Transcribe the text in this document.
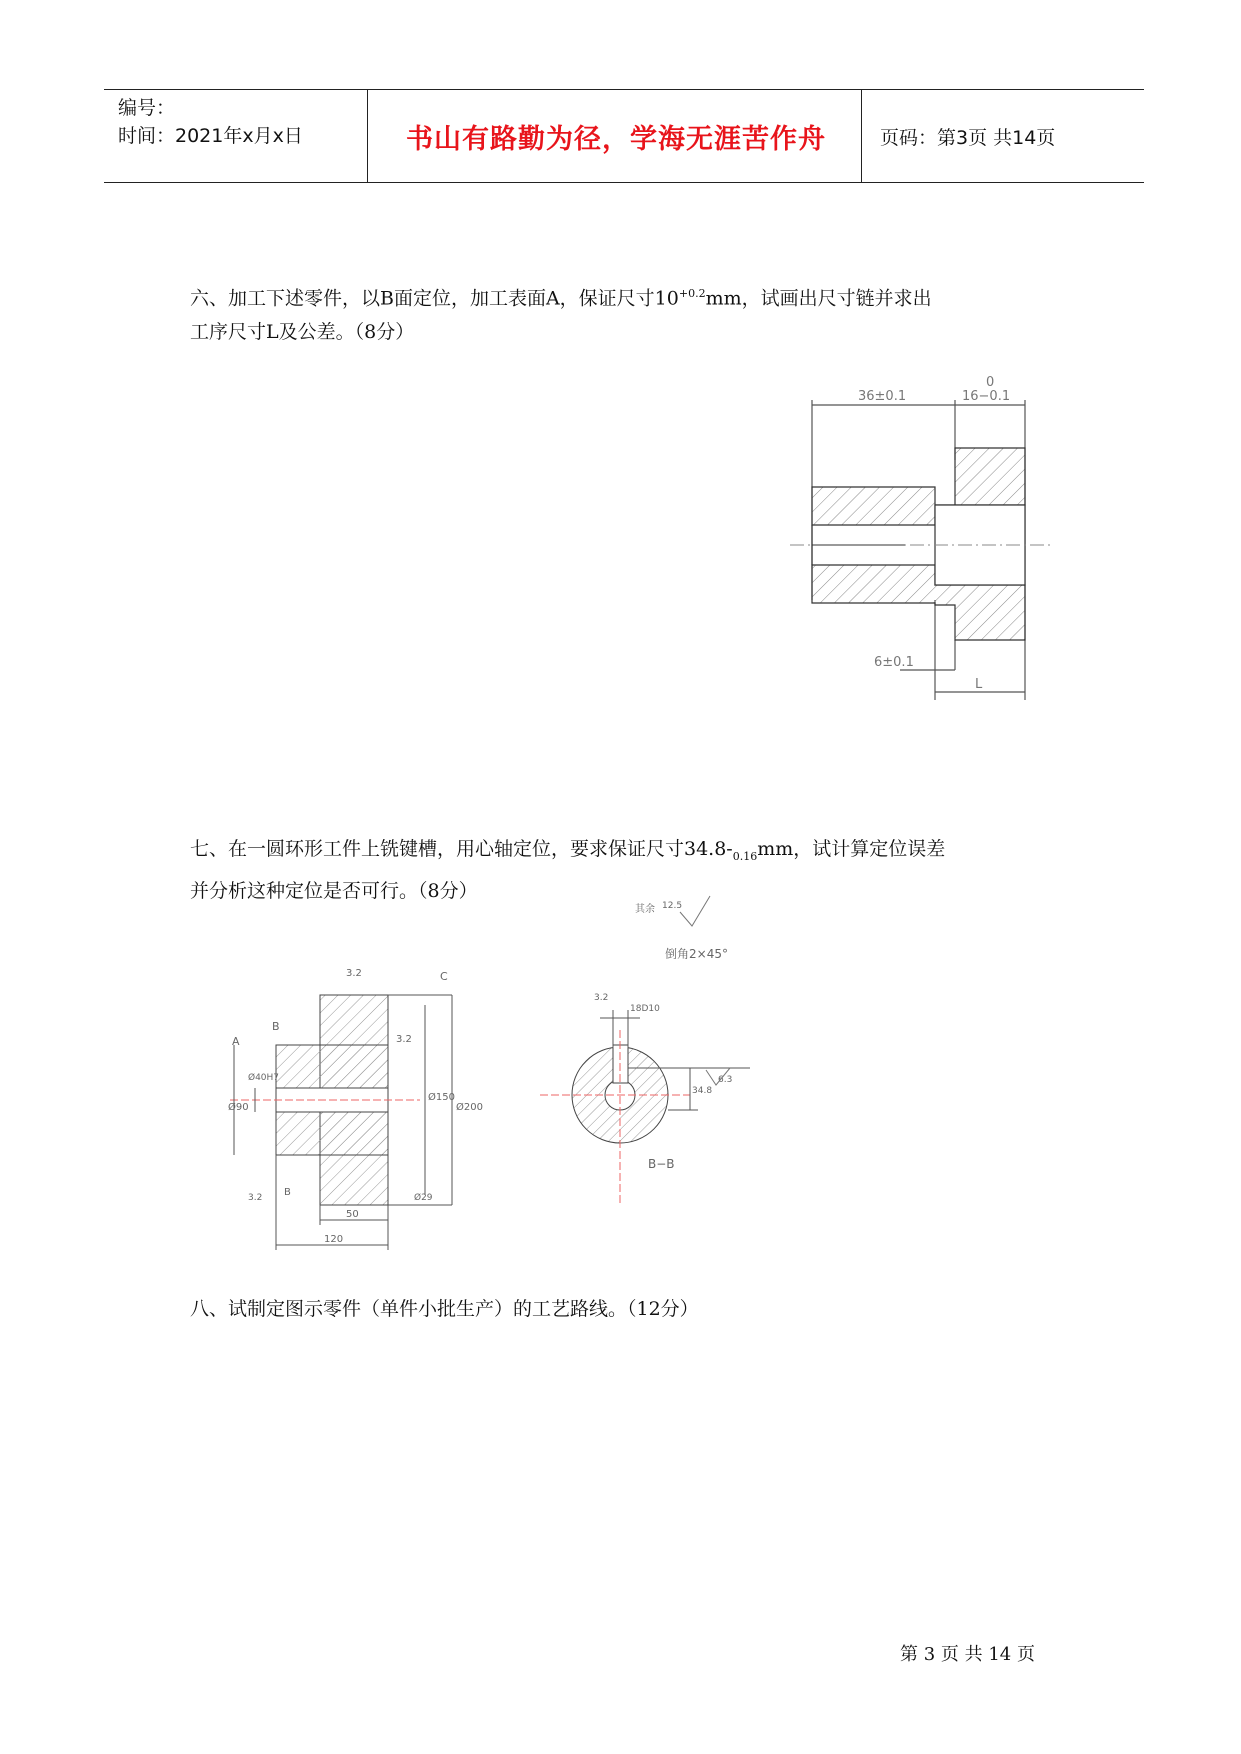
编号：
时间：2021年x月x日	书山有路勤为径，学海无涯苦作舟	页码：第3页 共14页
六、加工下述零件，以B面定位，加工表面A，保证尺寸$10^{+0.2}mm$，试画出尺寸链并求出
工序尺寸L及公差。（8分）
36±0.1
0
16−0.1
6±0.1
L
七、在一圆环形工件上铣键槽，用心轴定位，要求保证尺寸$34.8-_{0.16}mm$，试计算定位误差
并分析这种定位是否可行。（8分）
A
B
C
3.2
3.2
Ø90
Ø40H7
Ø150
Ø200
50
120
B
3.2	Ø29
其余 12.5
倒角2×45°
18D10
3.2
34.8
6.3
B−B
八、试制定图示零件（单件小批生产）的工艺路线。（12分）
第 3 页 共 14 页
